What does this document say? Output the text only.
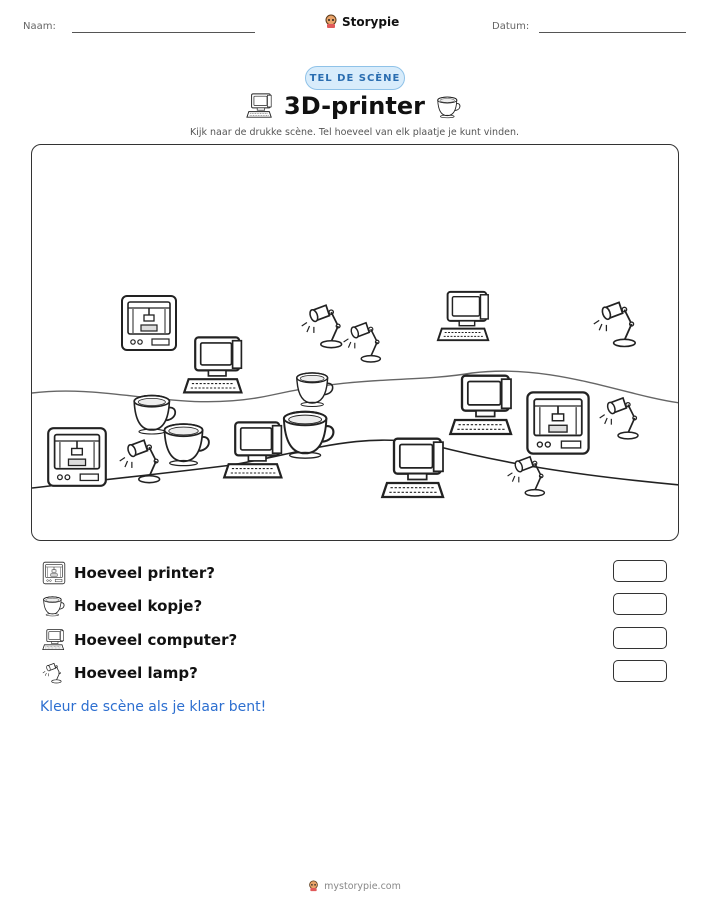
Naam:	Storypie	Datum:
TEL DE SCÈNE
3D-printer
Kijk naar de drukke scène. Tel hoeveel van elk plaatje je kunt vinden.
Hoeveel printer?
Hoeveel kopje?
Hoeveel computer?
Hoeveel lamp?
Kleur de scène als je klaar bent!
mystorypie.com
